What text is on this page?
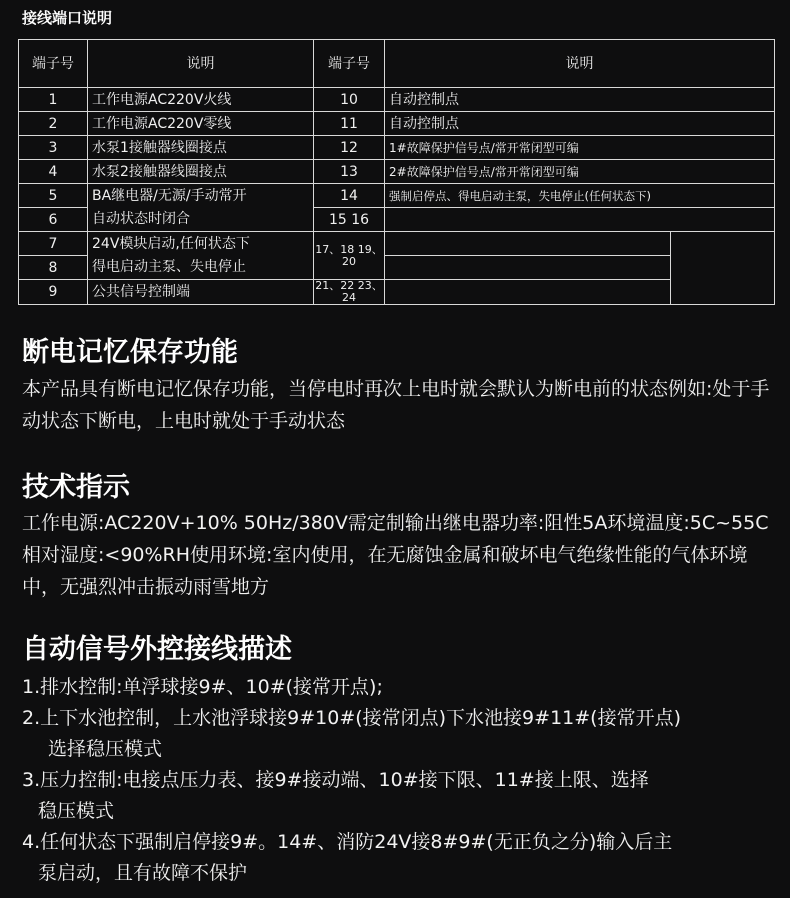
接线端口说明
端子号	说明	端子号	说明	
1	工作电源AC220V火线	10	自动控制点	
2	工作电源AC220V零线	11	自动控制点	
3	水泵1接触器线圈接点	12	1#故障保护信号点/常开常闭型可编	
4	水泵2接触器线圈接点	13	2#故障保护信号点/常开常闭型可编	
5	BA继电器/无源/手动常开	14	强制启停点、得电启动主泵，失电停止(任何状态下)	
6	自动状态时闭合	15 16		
7	24V模块启动,任何状态下	17、18 19、20		
8	得电启动主泵、失电停止			
9	公共信号控制端	21、22 23、24		
断电记忆保存功能

本产品具有断电记忆保存功能，当停电时再次上电时就会默认为断电前的状态例如:处于手动状态下断电，上电时就处于手动状态

技术指示

工作电源:AC220V+10% 50Hz/380V需定制输出继电器功率:阻性5A环境温度:5C~55C相对湿度:<90%RH使用环境:室内使用，在无腐蚀金属和破坏电气绝缘性能的气体环境中，无强烈冲击振动雨雪地方

自动信号外控接线描述
1.排水控制:单浮球接9#、10#(接常开点);
2.上下水池控制，上水池浮球接9#10#(接常闭点)下水池接9#11#(接常开点)
选择稳压模式
3.压力控制:电接点压力表、接9#接动端、10#接下限、11#接上限、选择
稳压模式
4.任何状态下强制启停接9#。14#、消防24V接8#9#(无正负之分)输入后主
泵启动，且有故障不保护
